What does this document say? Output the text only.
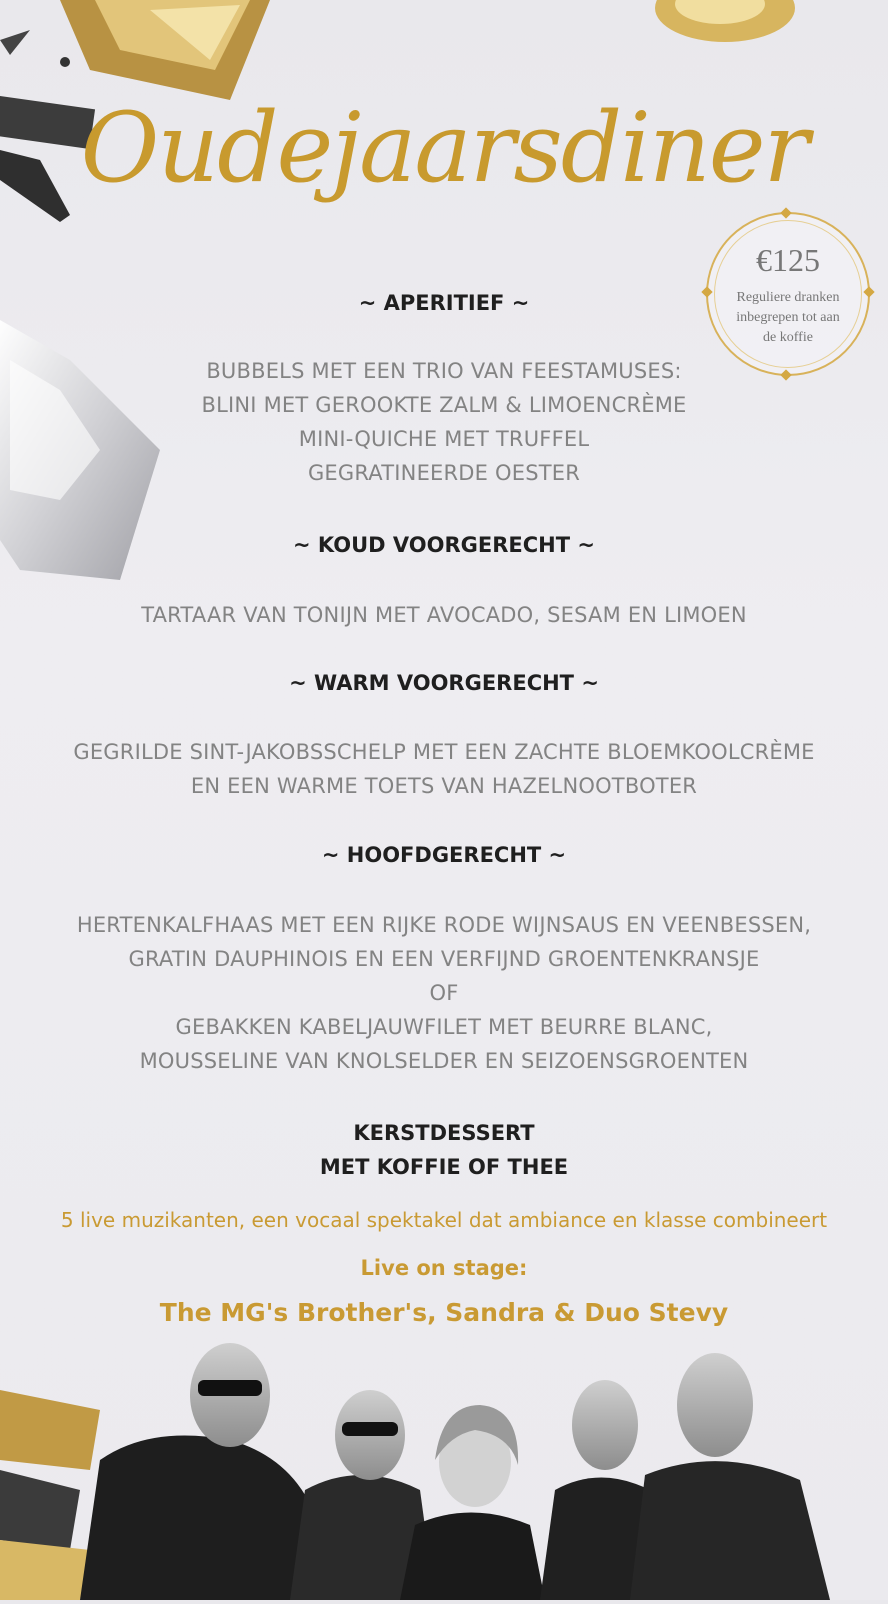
Oudejaarsdiner
€125
Reguliere dranken
inbegrepen tot aan
de koffie
~ APERITIEF ~
BUBBELS MET EEN TRIO VAN FEESTAMUSES:
BLINI MET GEROOKTE ZALM & LIMOENCRÈME
MINI-QUICHE MET TRUFFEL
GEGRATINEERDE OESTER
~ KOUD VOORGERECHT ~
TARTAAR VAN TONIJN MET AVOCADO, SESAM EN LIMOEN
~ WARM VOORGERECHT ~
GEGRILDE SINT-JAKOBSSCHELP MET EEN ZACHTE BLOEMKOOLCRÈME
EN EEN WARME TOETS VAN HAZELNOOTBOTER
~ HOOFDGERECHT ~
HERTENKALFHAAS MET EEN RIJKE RODE WIJNSAUS EN VEENBESSEN,
GRATIN DAUPHINOIS EN EEN VERFIJND GROENTENKRANSJE
OF
GEBAKKEN KABELJAUWFILET MET BEURRE BLANC,
MOUSSELINE VAN KNOLSELDER EN SEIZOENSGROENTEN
KERSTDESSERT
MET KOFFIE OF THEE
5 live muzikanten, een vocaal spektakel dat ambiance en klasse combineert
Live on stage:
The MG's Brother's, Sandra & Duo Stevy
